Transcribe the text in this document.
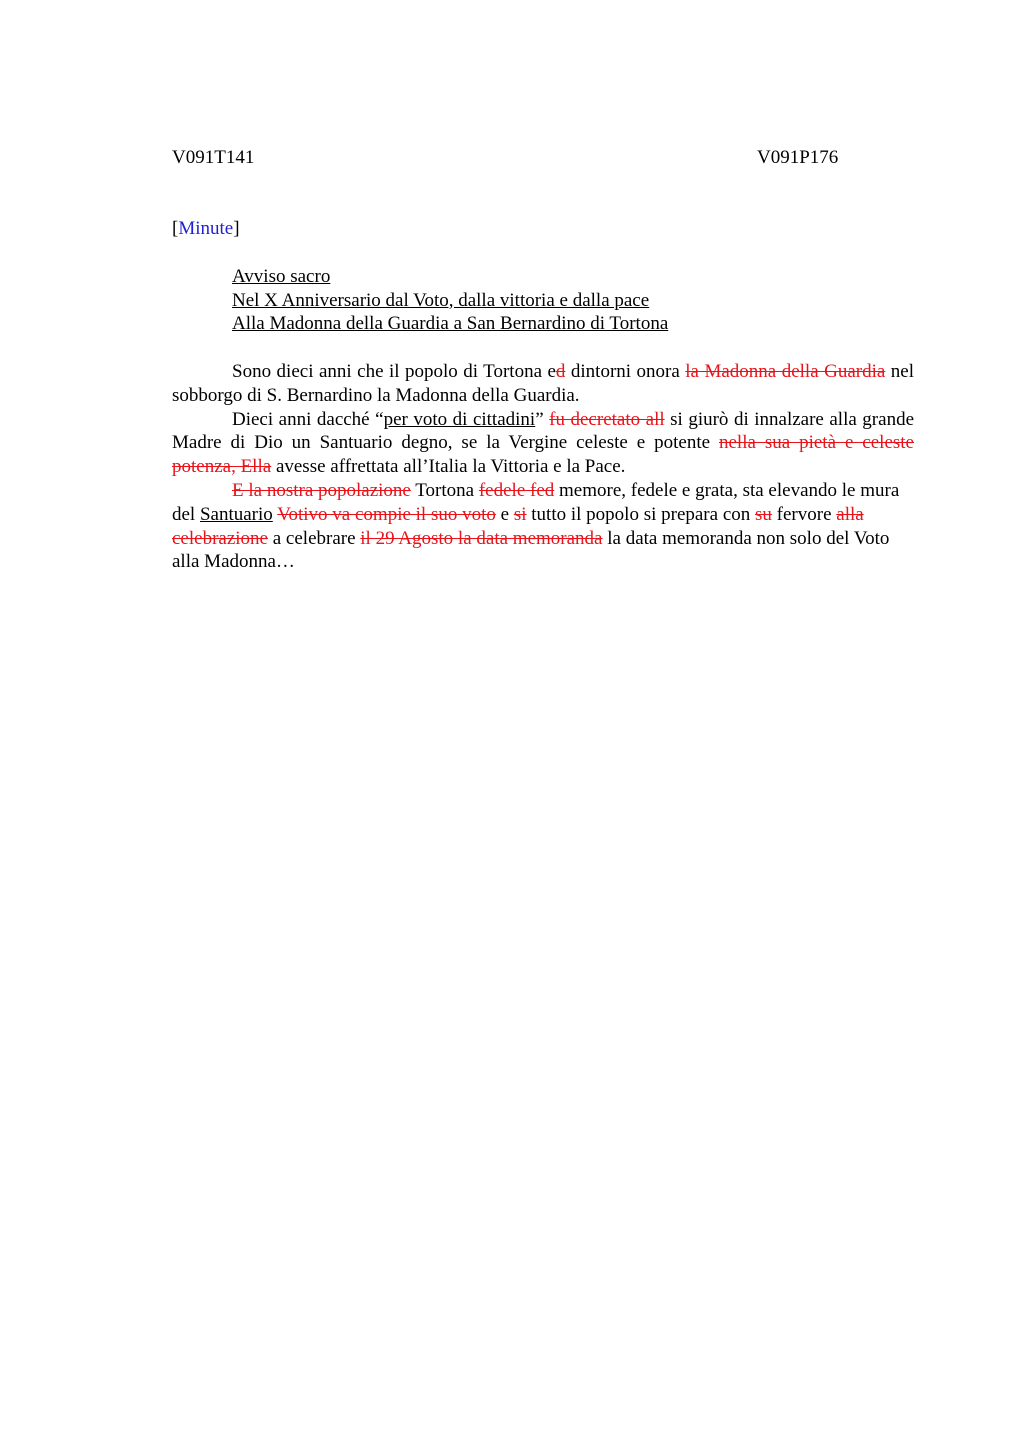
V091T141	V091P176
[Minute]
Avviso sacro
Nel X Anniversario dal Voto, dalla vittoria e dalla pace
Alla Madonna della Guardia a San Bernardino di Tortona

Sono dieci anni che il popolo di Tortona ed dintorni onora la Madonna della Guardia nel sobborgo di S. Bernardino la Madonna della Guardia.

Dieci anni dacché “per voto di cittadini” fu decretato all si giurò di innalzare alla grande Madre di Dio un Santuario degno, se la Vergine celeste e potente nella sua pietà e celeste potenza, Ella avesse affrettata all’Italia la Vittoria e la Pace.

E la nostra popolazione Tortona fedele fed memore, fedele e grata, sta elevando le mura del Santuario Votivo va compie il suo voto e si tutto il popolo si prepara con su fervore alla celebrazione a celebrare il 29 Agosto la data memoranda la data memoranda non solo del Voto alla Madonna…
